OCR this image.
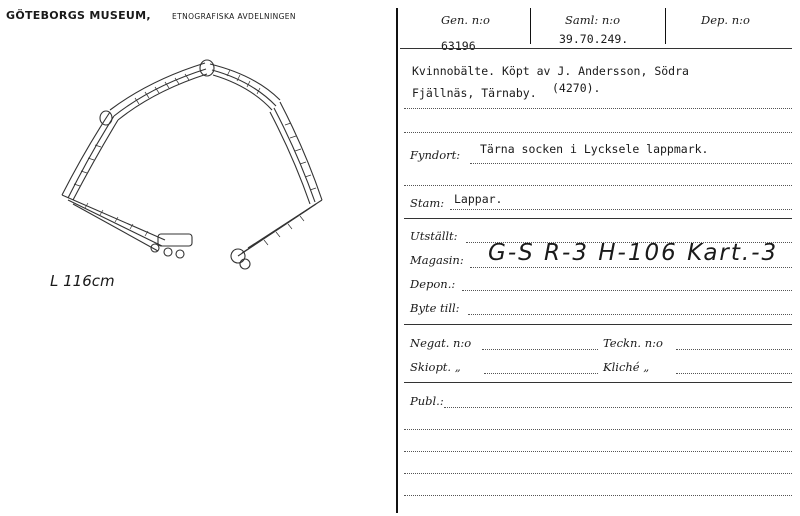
GÖTEBORGS MUSEUM,	ETNOGRAFISKA AVDELNINGEN
L 116cm
Gen. n:o	Saml: n:o	Dep. n:o
63196	39.70.249.
Kvinnobälte. Köpt av J. Andersson, Södra
Fjällnäs, Tärnaby. (4270).
Fyndort: Tärna socken i Lycksele lappmark.
Stam: Lappar.
Utställt:
Magasin: G-S R-3 H-106 Kart.-3
Depon.:
Byte till:
Negat. n:o	Teckn. n:o
Skiopt. „	Kliché „
Publ.:
